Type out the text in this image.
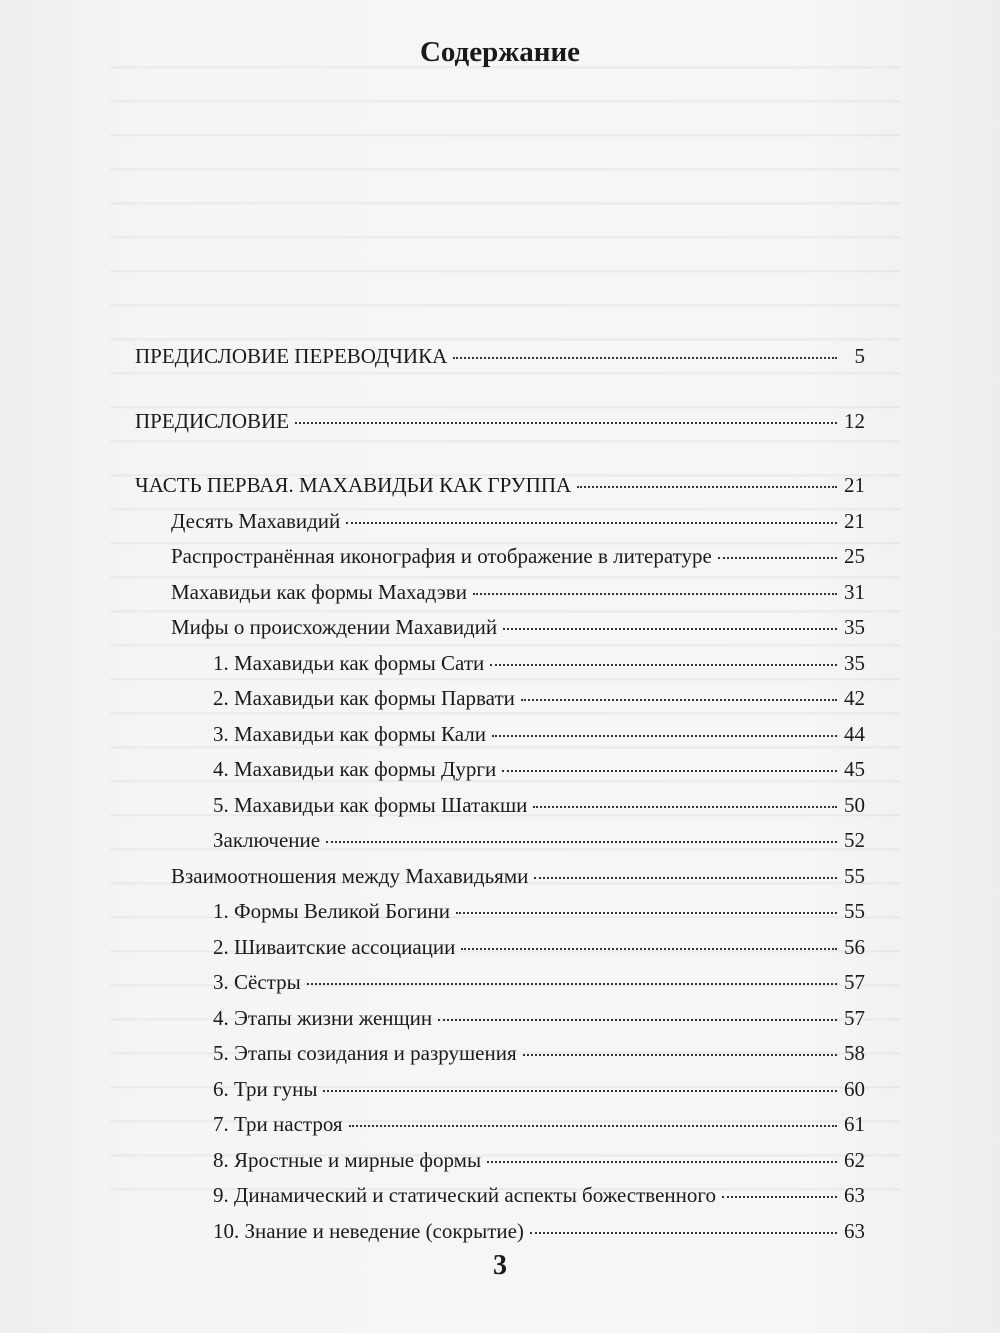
Содержание
ПРЕДИСЛОВИЕ ПЕРЕВОДЧИКА	5
ПРЕДИСЛОВИЕ	12
ЧАСТЬ ПЕРВАЯ. МАХАВИДЬИ КАК ГРУППА	21
Десять Махавидий	21
Распространённая иконография и отображение в литературе	25
Махавидьи как формы Махадэви	31
Мифы о происхождении Махавидий	35
1. Махавидьи как формы Сати	35
2. Махавидьи как формы Парвати	42
3. Махавидьи как формы Кали	44
4. Махавидьи как формы Дурги	45
5. Махавидьи как формы Шатакши	50
Заключение	52
Взаимоотношения между Махавидьями	55
1. Формы Великой Богини	55
2. Шиваитские ассоциации	56
3. Сёстры	57
4. Этапы жизни женщин	57
5. Этапы созидания и разрушения	58
6. Три гуны	60
7. Три настроя	61
8. Яростные и мирные формы	62
9. Динамический и статический аспекты божественного	63
10. Знание и неведение (сокрытие)	63
3
